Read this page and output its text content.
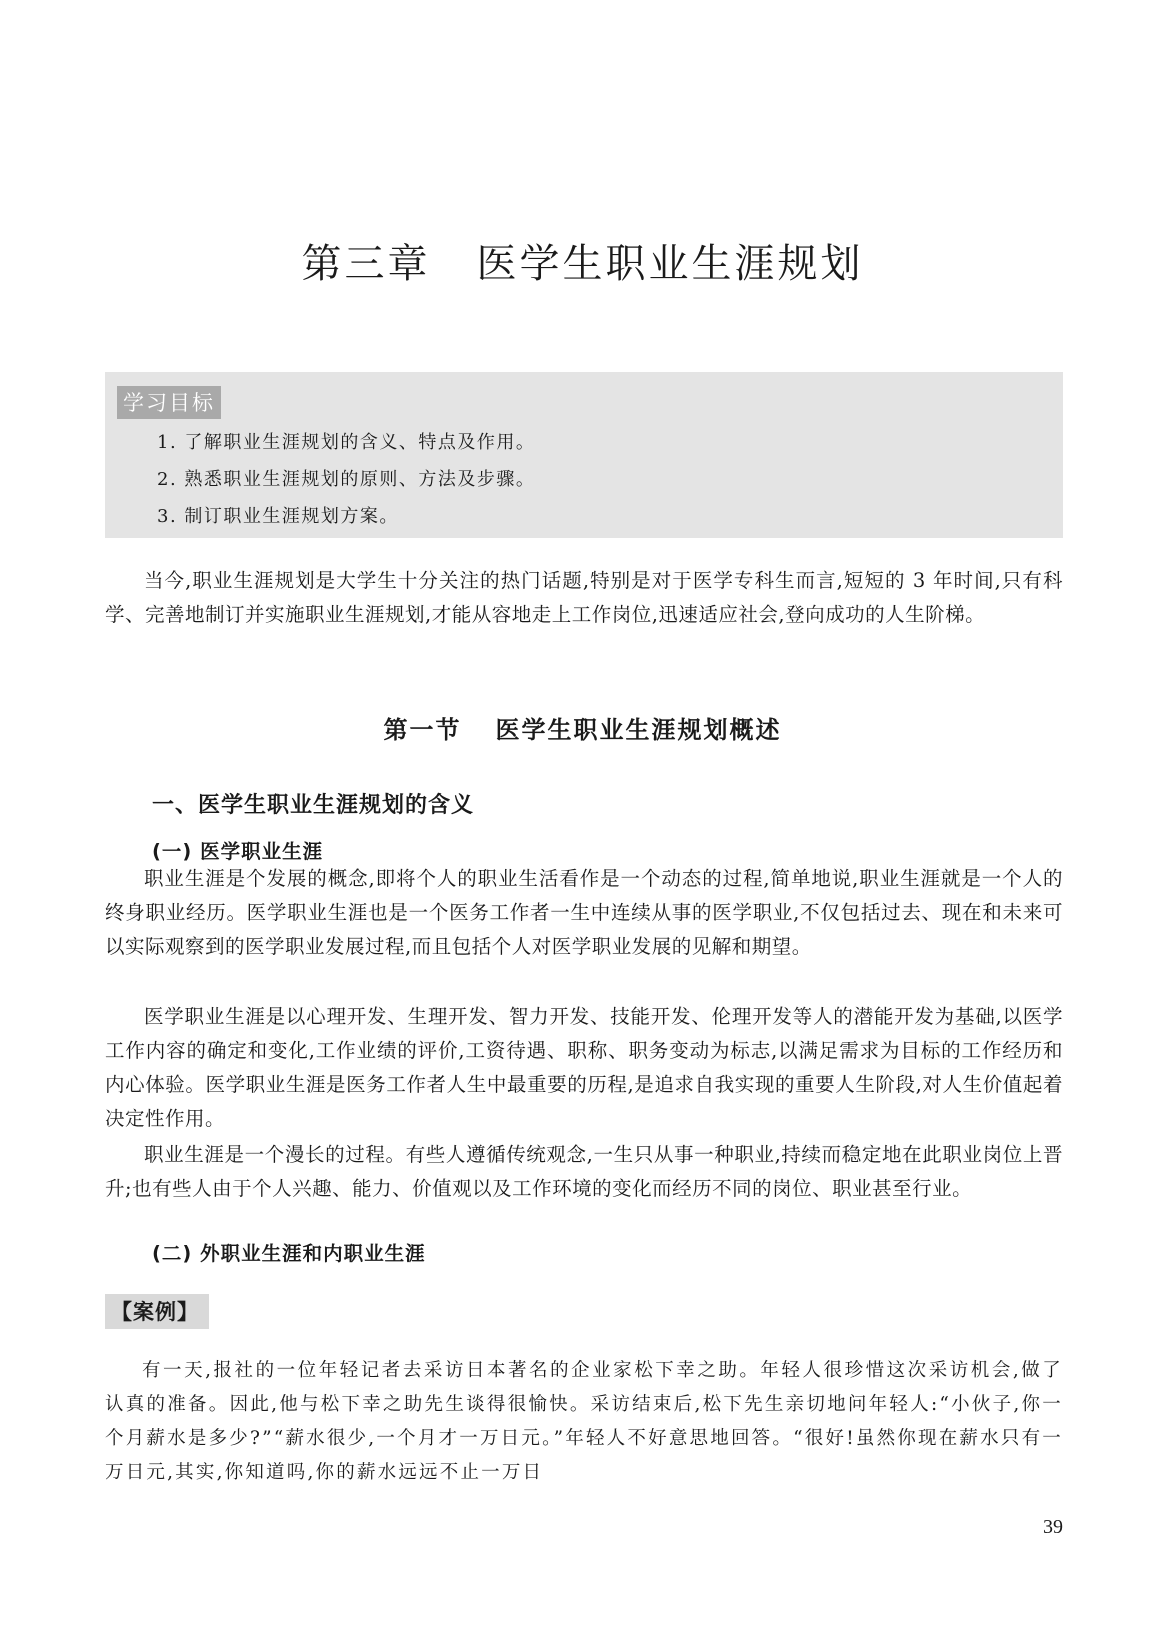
第三章 医学生职业生涯规划
学习目标
1. 了解职业生涯规划的含义、特点及作用。
2. 熟悉职业生涯规划的原则、方法及步骤。
3. 制订职业生涯规划方案。

当今,职业生涯规划是大学生十分关注的热门话题,特别是对于医学专科生而言,短短的 3 年时间,只有科学、完善地制订并实施职业生涯规划,才能从容地走上工作岗位,迅速适应社会,登向成功的人生阶梯。

第一节 医学生职业生涯规划概述
一、医学生职业生涯规划的含义
(一) 医学职业生涯

职业生涯是个发展的概念,即将个人的职业生活看作是一个动态的过程,简单地说,职业生涯就是一个人的终身职业经历。医学职业生涯也是一个医务工作者一生中连续从事的医学职业,不仅包括过去、现在和未来可以实际观察到的医学职业发展过程,而且包括个人对医学职业发展的见解和期望。

医学职业生涯是以心理开发、生理开发、智力开发、技能开发、伦理开发等人的潜能开发为基础,以医学工作内容的确定和变化,工作业绩的评价,工资待遇、职称、职务变动为标志,以满足需求为目标的工作经历和内心体验。医学职业生涯是医务工作者人生中最重要的历程,是追求自我实现的重要人生阶段,对人生价值起着决定性作用。

职业生涯是一个漫长的过程。有些人遵循传统观念,一生只从事一种职业,持续而稳定地在此职业岗位上晋升;也有些人由于个人兴趣、能力、价值观以及工作环境的变化而经历不同的岗位、职业甚至行业。

(二) 外职业生涯和内职业生涯
【案例】

有一天,报社的一位年轻记者去采访日本著名的企业家松下幸之助。年轻人很珍惜这次采访机会,做了认真的准备。因此,他与松下幸之助先生谈得很愉快。采访结束后,松下先生亲切地问年轻人:“小伙子,你一个月薪水是多少?”“薪水很少,一个月才一万日元。”年轻人不好意思地回答。“很好!虽然你现在薪水只有一万日元,其实,你知道吗,你的薪水远远不止一万日

39
